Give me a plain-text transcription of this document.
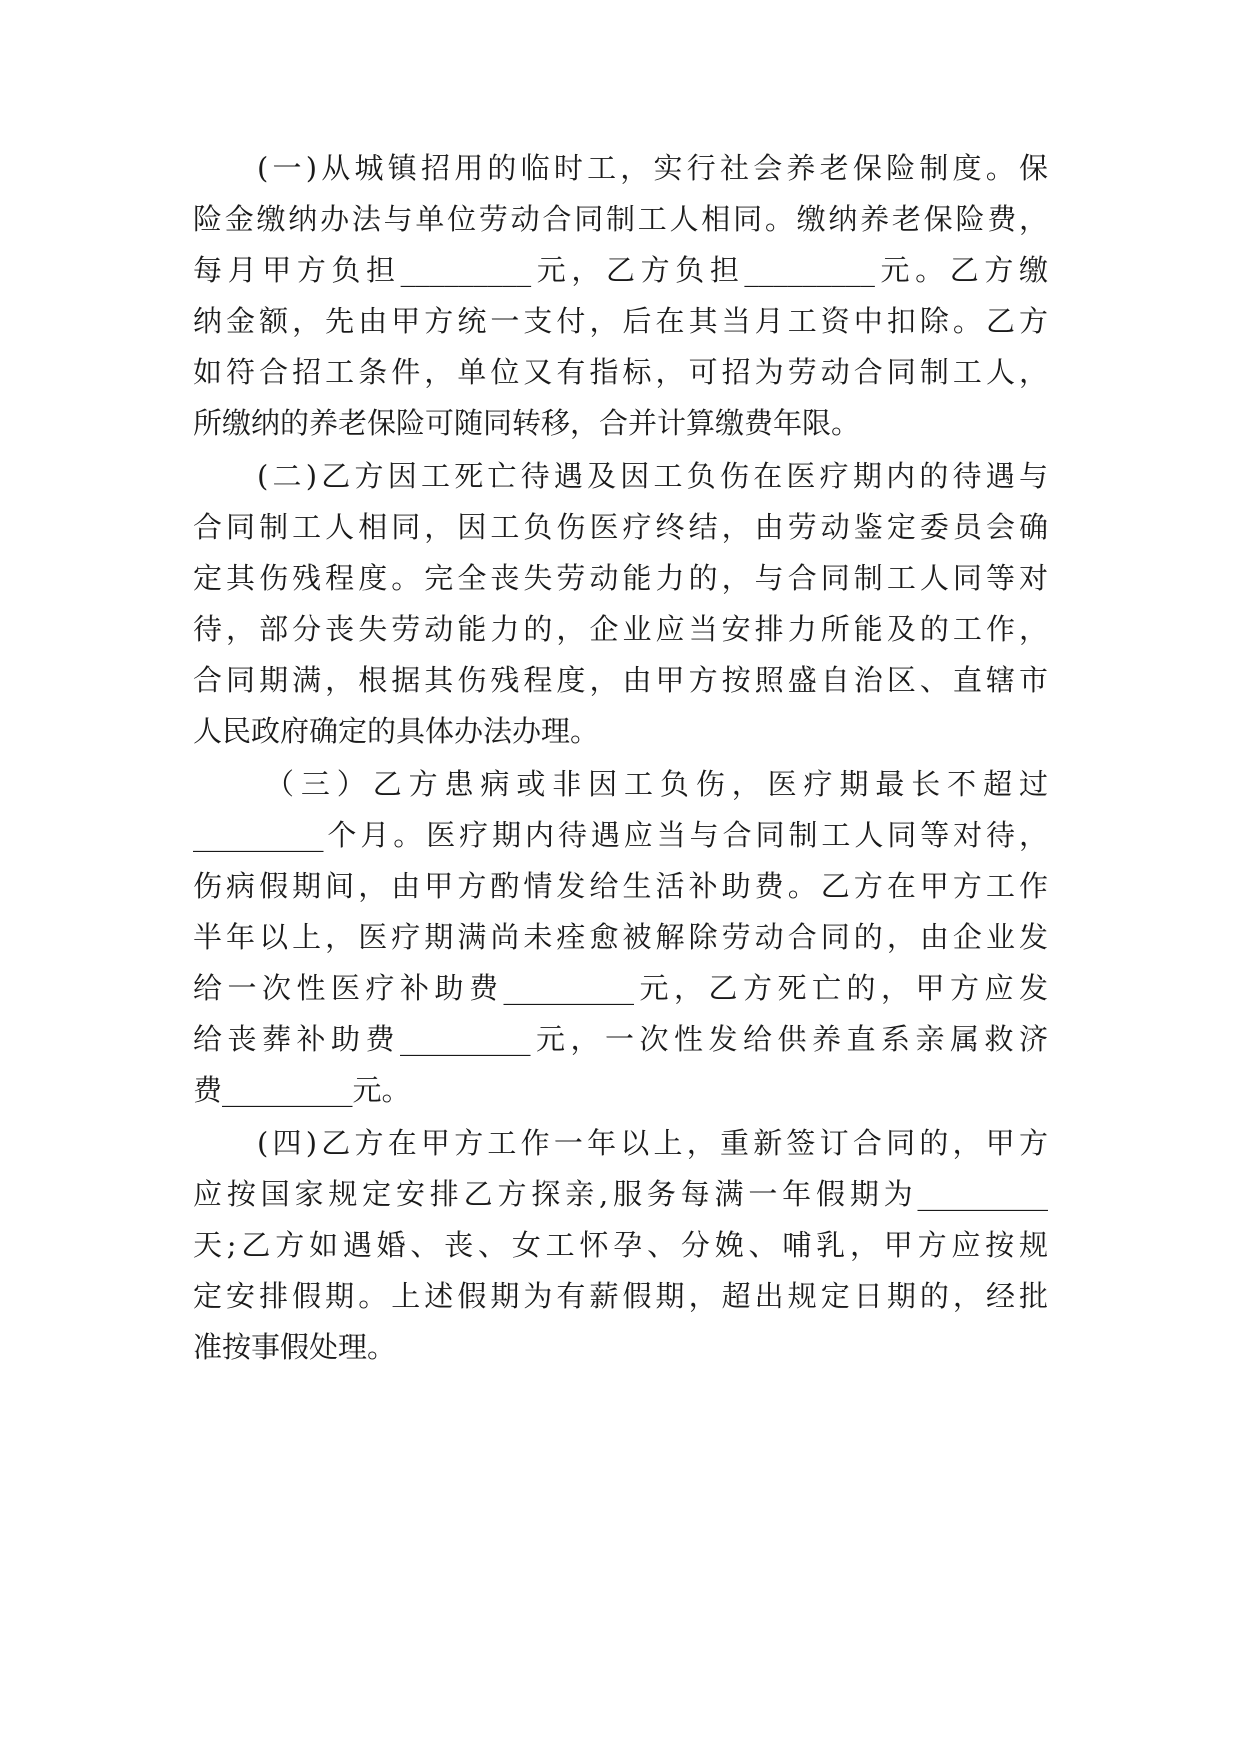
(一)从城镇招用的临时工，实行社会养老保险制度。保
险金缴纳办法与单位劳动合同制工人相同。缴纳养老保险费，
每月甲方负担_________元，乙方负担_________元。乙方缴
纳金额，先由甲方统一支付，后在其当月工资中扣除。乙方
如符合招工条件，单位又有指标，可招为劳动合同制工人，
所缴纳的养老保险可随同转移，合并计算缴费年限。
(二)乙方因工死亡待遇及因工负伤在医疗期内的待遇与
合同制工人相同，因工负伤医疗终结，由劳动鉴定委员会确
定其伤残程度。完全丧失劳动能力的，与合同制工人同等对
待，部分丧失劳动能力的，企业应当安排力所能及的工作，
合同期满，根据其伤残程度，由甲方按照盛自治区、直辖市
人民政府确定的具体办法办理。
（三）乙方患病或非因工负伤，医疗期最长不超过
_________个月。医疗期内待遇应当与合同制工人同等对待，
伤病假期间，由甲方酌情发给生活补助费。乙方在甲方工作
半年以上，医疗期满尚未痊愈被解除劳动合同的，由企业发
给一次性医疗补助费_________元，乙方死亡的，甲方应发
给丧葬补助费_________元，一次性发给供养直系亲属救济
费_________元。
(四)乙方在甲方工作一年以上，重新签订合同的，甲方
应按国家规定安排乙方探亲,服务每满一年假期为_________
天;乙方如遇婚、丧、女工怀孕、分娩、哺乳，甲方应按规
定安排假期。上述假期为有薪假期，超出规定日期的，经批
准按事假处理。
